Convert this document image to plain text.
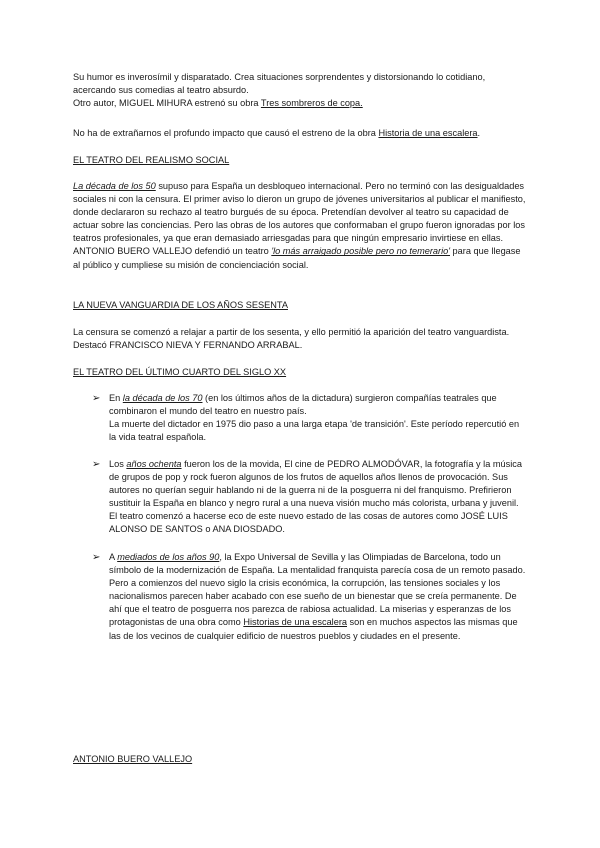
Su humor es inverosímil y disparatado. Crea situaciones sorprendentes y distorsionando lo cotidiano, acercando sus comedias al teatro absurdo.

Otro autor, MIGUEL MIHURA estrenó su obra Tres sombreros de copa.

No ha de extrañarnos el profundo impacto que causó el estreno de la obra Historia de una escalera.

EL TEATRO DEL REALISMO SOCIAL

La década de los 50 supuso para España un desbloqueo internacional. Pero no terminó con las desigualdades sociales ni con la censura. El primer aviso lo dieron un grupo de jóvenes universitarios al publicar el manifiesto, donde declararon su rechazo al teatro burgués de su época. Pretendían devolver al teatro su capacidad de actuar sobre las conciencias. Pero las obras de los autores que conformaban el grupo fueron ignoradas por los teatros profesionales, ya que eran demasiado arriesgadas para que ningún empresario invirtiese en ellas.

ANTONIO BUERO VALLEJO defendió un teatro 'lo más arraigado posible pero no temerario' para que llegase al público y cumpliese su misión de concienciación social.

LA NUEVA VANGUARDIA DE LOS AÑOS SESENTA

La censura se comenzó a relajar a partir de los sesenta, y ello permitió la aparición del teatro vanguardista. Destacó FRANCISCO NIEVA Y FERNANDO ARRABAL.

EL TEATRO DEL ÚLTIMO CUARTO DEL SIGLO XX
➢ En la década de los 70 (en los últimos años de la dictadura) surgieron compañías teatrales que combinaron el mundo del teatro en nuestro país.

La muerte del dictador en 1975 dio paso a una larga etapa 'de transición'. Este período repercutió en la vida teatral española.

➢ Los años ochenta fueron los de la movida, El cine de PEDRO ALMODÓVAR, la fotografía y la música de grupos de pop y rock fueron algunos de los frutos de aquellos años llenos de provocación. Sus autores no querían seguir hablando ni de la guerra ni de la posguerra ni del franquismo. Prefirieron sustituir la España en blanco y negro rural a una nueva visión mucho más colorista, urbana y juvenil. El teatro comenzó a hacerse eco de este nuevo estado de las cosas de autores como JOSÉ LUIS ALONSO DE SANTOS o ANA DIOSDADO.

➢ A mediados de los años 90, la Expo Universal de Sevilla y las Olimpiadas de Barcelona, todo un símbolo de la modernización de España. La mentalidad franquista parecía cosa de un remoto pasado. Pero a comienzos del nuevo siglo la crisis económica, la corrupción, las tensiones sociales y los nacionalismos parecen haber acabado con ese sueño de un bienestar que se creía permanente. De ahí que el teatro de posguerra nos parezca de rabiosa actualidad. La miserias y esperanzas de los protagonistas de una obra como Historias de una escalera son en muchos aspectos las mismas que las de los vecinos de cualquier edificio de nuestros pueblos y ciudades en el presente.

ANTONIO BUERO VALLEJO
